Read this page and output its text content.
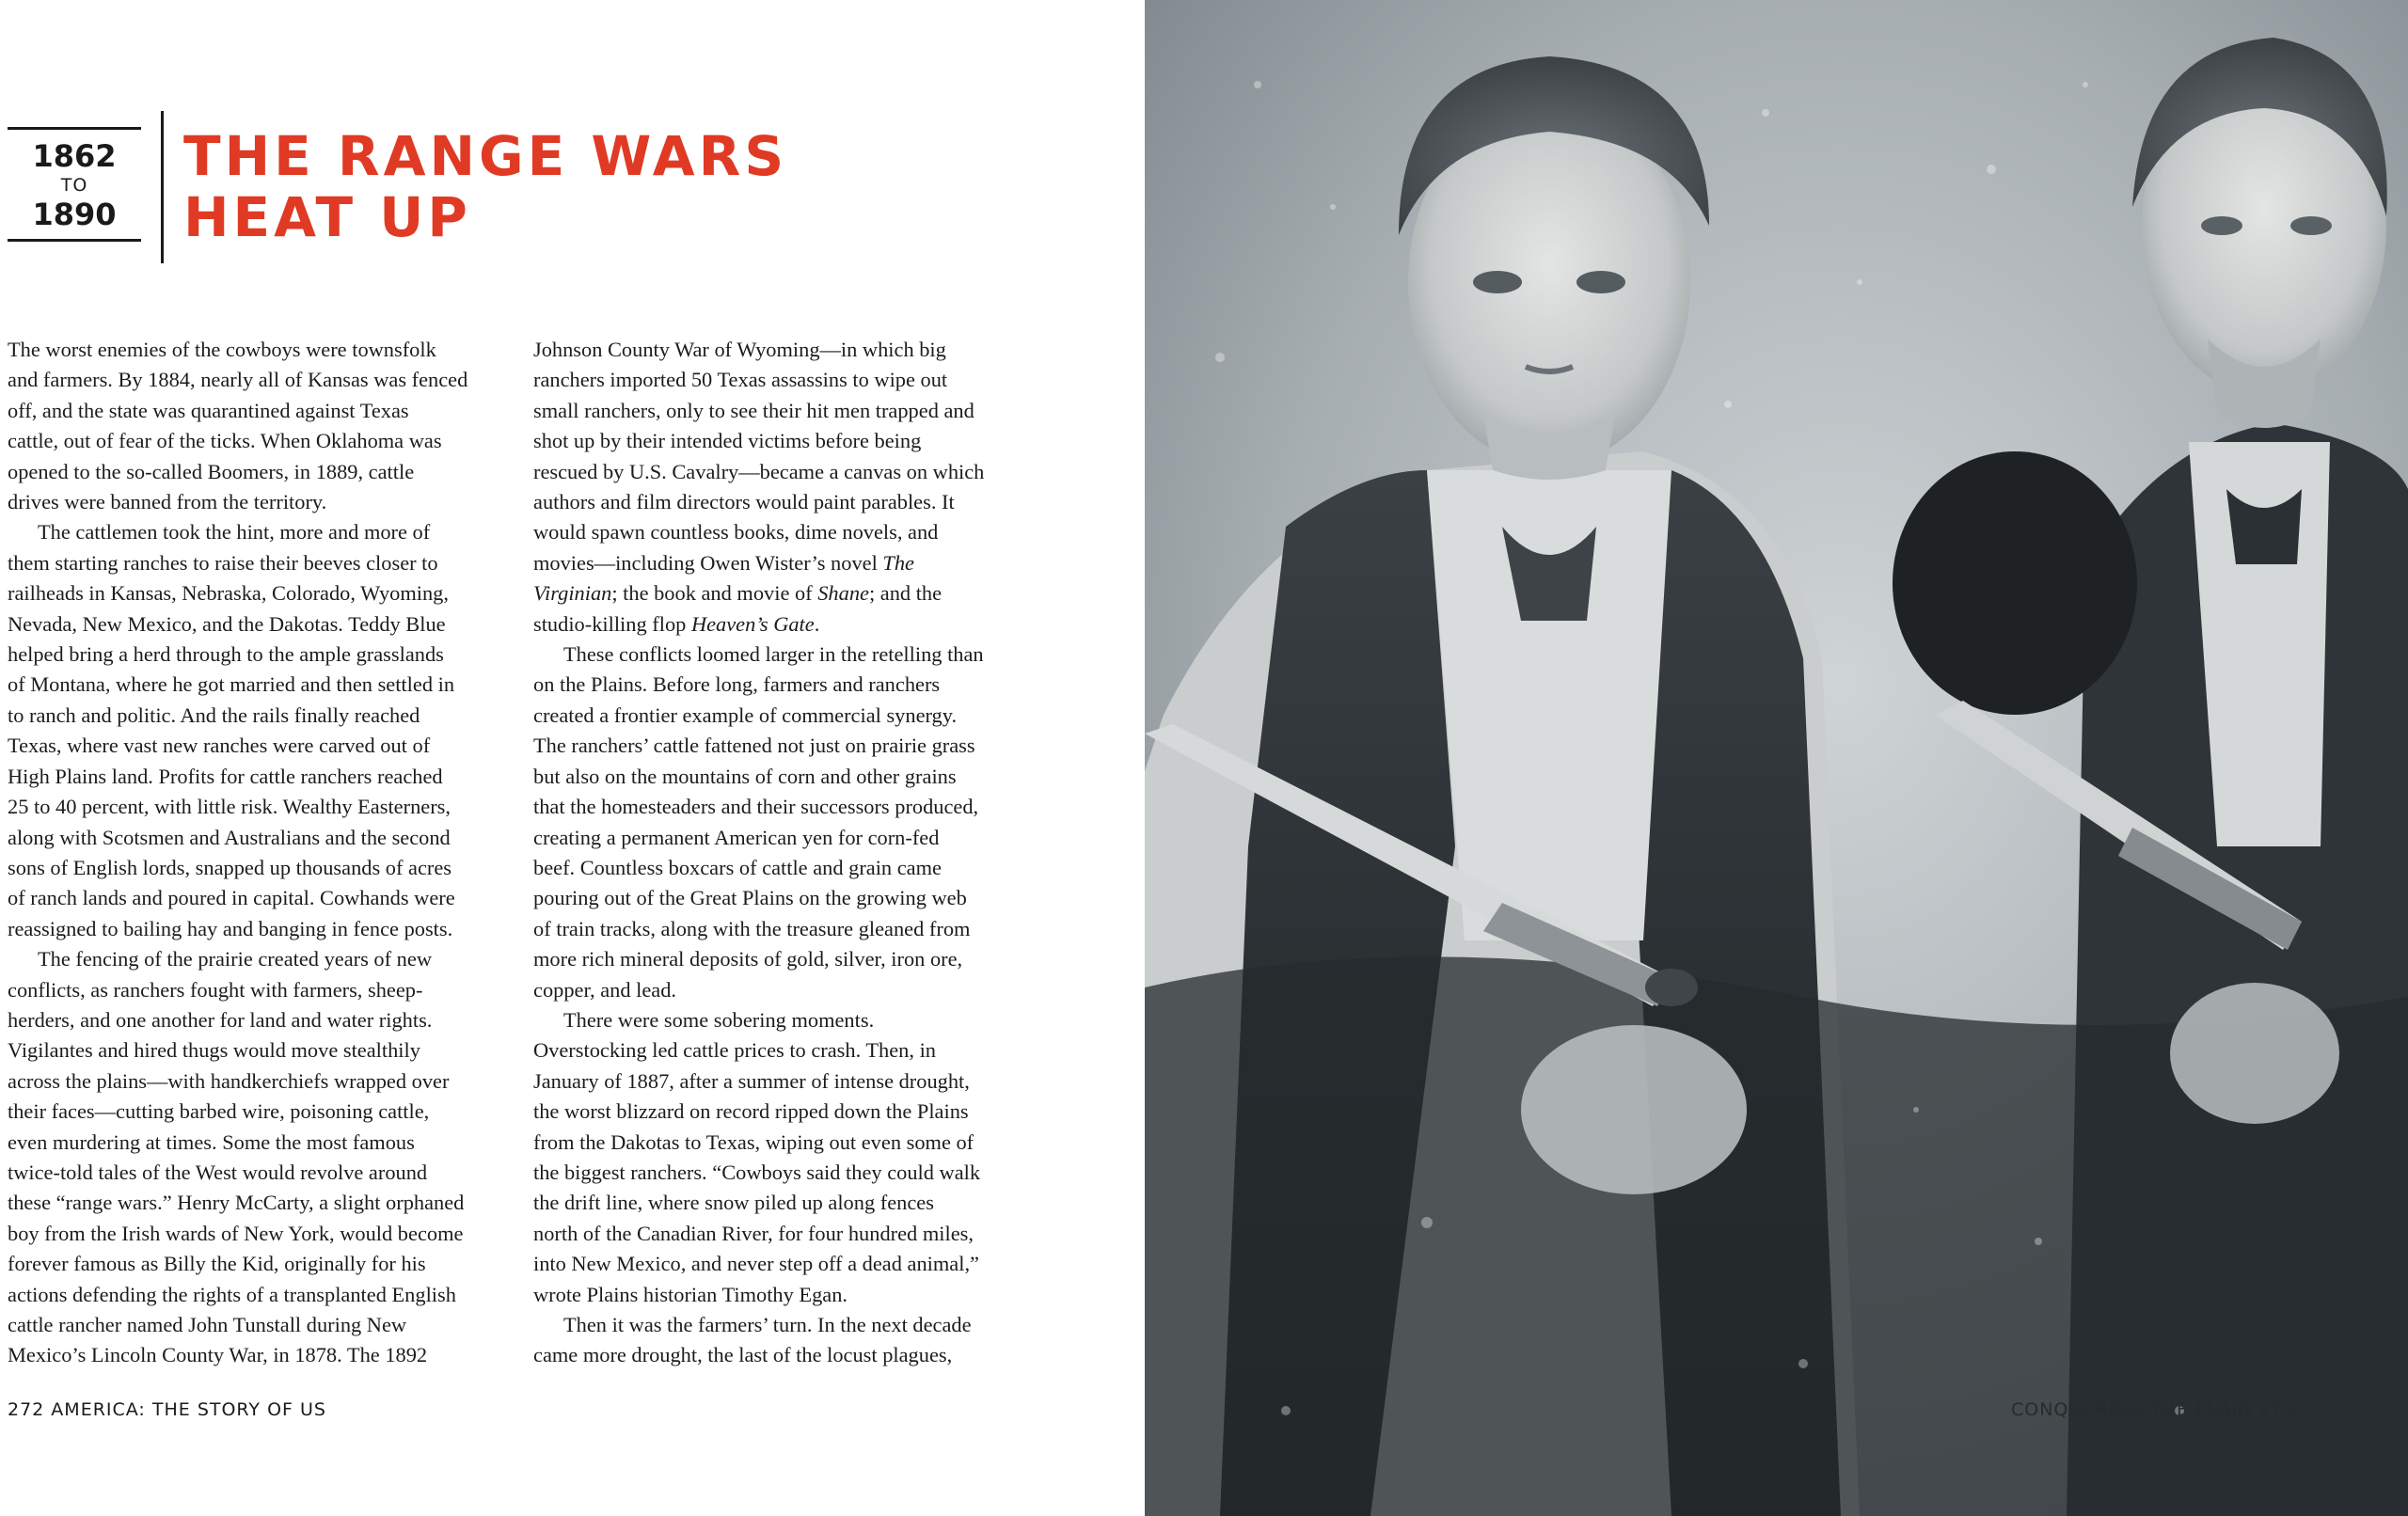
1862
TO
1890
THE RANGE WARS
HEAT UP

The worst enemies of the cowboys were townsfolk
and farmers. By 1884, nearly all of Kansas was fenced
off, and the state was quarantined against Texas
cattle, out of fear of the ticks. When Oklahoma was
opened to the so-called Boomers, in 1889, cattle
drives were banned from the territory.

The cattlemen took the hint, more and more of
them starting ranches to raise their beeves closer to
railheads in Kansas, Nebraska, Colorado, Wyoming,
Nevada, New Mexico, and the Dakotas. Teddy Blue
helped bring a herd through to the ample grasslands
of Montana, where he got married and then settled in
to ranch and politic. And the rails finally reached
Texas, where vast new ranches were carved out of
High Plains land. Profits for cattle ranchers reached
25 to 40 percent, with little risk. Wealthy Easterners,
along with Scotsmen and Australians and the second
sons of English lords, snapped up thousands of acres
of ranch lands and poured in capital. Cowhands were
reassigned to bailing hay and banging in fence posts.

The fencing of the prairie created years of new
conflicts, as ranchers fought with farmers, sheep-
herders, and one another for land and water rights.
Vigilantes and hired thugs would move stealthily
across the plains—with handkerchiefs wrapped over
their faces—cutting barbed wire, poisoning cattle,
even murdering at times. Some the most famous
twice-told tales of the West would revolve around
these “range wars.” Henry McCarty, a slight orphaned
boy from the Irish wards of New York, would become
forever famous as Billy the Kid, originally for his
actions defending the rights of a transplanted English
cattle rancher named John Tunstall during New
Mexico’s Lincoln County War, in 1878. The 1892

Johnson County War of Wyoming—in which big
ranchers imported 50 Texas assassins to wipe out
small ranchers, only to see their hit men trapped and
shot up by their intended victims before being
rescued by U.S. Cavalry—became a canvas on which
authors and film directors would paint parables. It
would spawn countless books, dime novels, and
movies—including Owen Wister’s novel The
Virginian; the book and movie of Shane; and the
studio-killing flop Heaven’s Gate.

These conflicts loomed larger in the retelling than
on the Plains. Before long, farmers and ranchers
created a frontier example of commercial synergy.
The ranchers’ cattle fattened not just on prairie grass
but also on the mountains of corn and other grains
that the homesteaders and their successors produced,
creating a permanent American yen for corn-fed
beef. Countless boxcars of cattle and grain came
pouring out of the Great Plains on the growing web
of train tracks, along with the treasure gleaned from
more rich mineral deposits of gold, silver, iron ore,
copper, and lead.

There were some sobering moments.
Overstocking led cattle prices to crash. Then, in
January of 1887, after a summer of intense drought,
the worst blizzard on record ripped down the Plains
from the Dakotas to Texas, wiping out even some of
the biggest ranchers. “Cowboys said they could walk
the drift line, where snow piled up along fences
north of the Canadian River, for four hundred miles,
into New Mexico, and never step off a dead animal,”
wrote Plains historian Timothy Egan.

Then it was the farmers’ turn. In the next decade
came more drought, the last of the locust plagues,

272 AMERICA: THE STORY OF US	CONQUERING THE PLAIN 273
